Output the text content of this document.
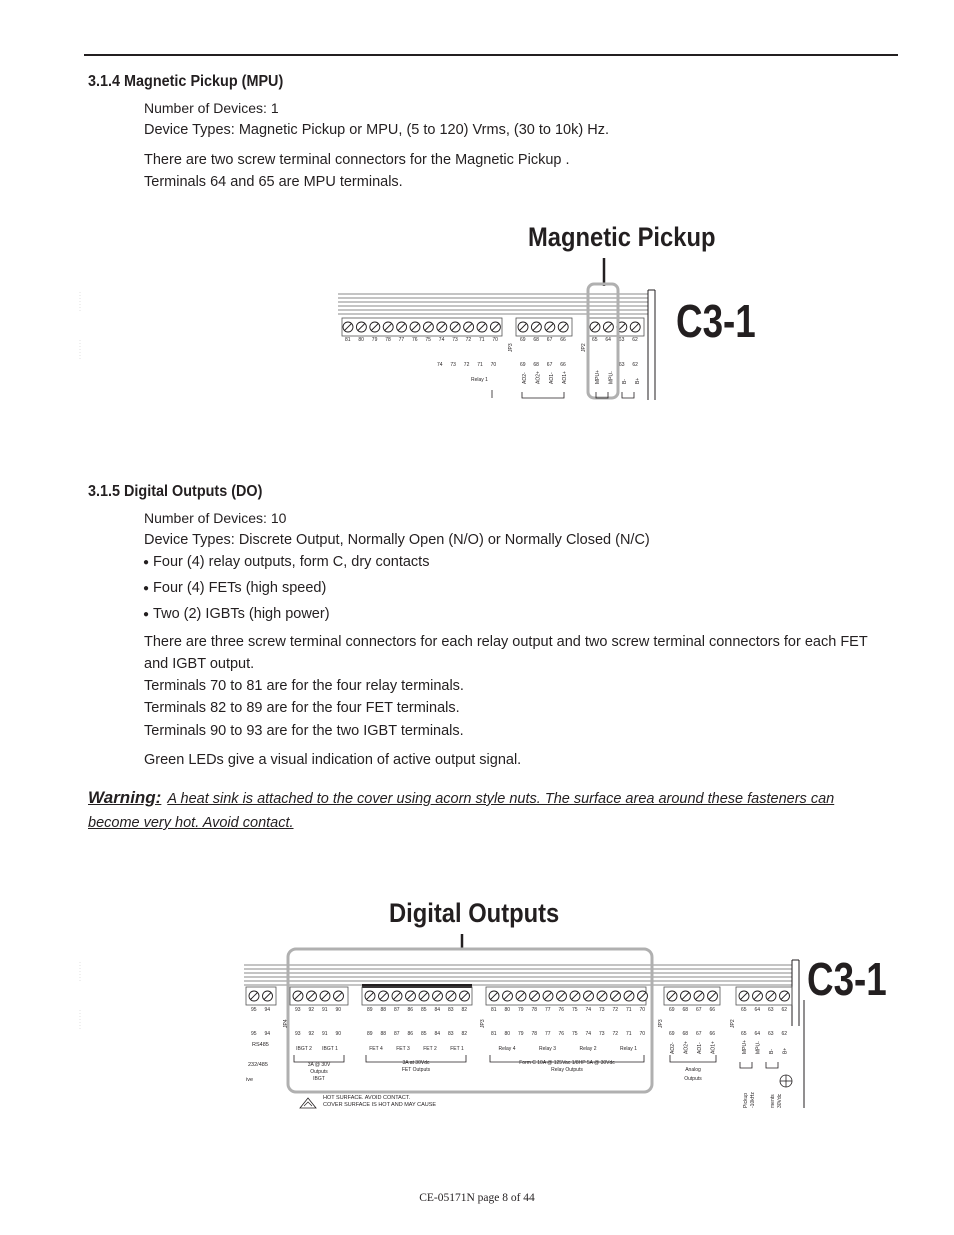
3.1.4 Magnetic Pickup (MPU)
Number of Devices: 1
Device Types: Magnetic Pickup or MPU, (5 to 120) Vrms, (30 to 10k) Hz.
There are two screw terminal connectors for the Magnetic Pickup .
Terminals 64 and 65 are MPU terminals.
Magnetic Pickup
C3-1
81 80 79 78 77 76 75 74 73 72 71 70	69 68 67 66	65 64 63 62
74 73 72 71 70	69 68 67 66	63 62
AO2- AO2+ AO1- AO1+	MPU+ MPU- B- B+
Relay 1
JP3	JP2
3.1.5 Digital Outputs (DO)
Number of Devices: 10
Device Types: Discrete Output, Normally Open (N/O) or Normally Closed (N/C)
● Four (4) relay outputs, form C, dry contacts
● Four (4) FETs (high speed)
● Two (2) IGBTs (high power)
There are three screw terminal connectors for each relay output and two screw terminal connectors for each FET and IGBT output.
Terminals 70 to 81 are for the four relay terminals.
Terminals 82 to 89 are for the four FET terminals.
Terminals 90 to 93 are for the two IGBT terminals.
Green LEDs give a visual indication of active output signal.
Warning: A heat sink is attached to the cover using acorn style nuts. The surface area around these fasteners can become very hot. Avoid contact.
Digital Outputs
C3-1
95 94	93 92 91 90	89 88 87 86 85 84 83 82	81 80 79 78 77 76 75 74 73 72 71 70	69 68 67 66	65 64 63 62
95 94	93 92 91 90	89 88 87 86 85 84 83 82	81 80 79 78 77 76 75 74 73 72 71 70	69 68 67 66	65 64 63 62
IBGT 2 IBGT 1	FET 4	FET 3	FET 2	FET 1	Relay 4	Relay 3	Relay 2	Relay 1	AO2- AO2+ AO1- AO1+	MPU+ MPU- B- B+
RS485
232/485
ive
3A @ 30V
Outputs
IBGT
3A at 30Vdc
FET Outputs
Form C 10A @ 125Vac 1/8HP 5A @ 30Vdc
Relay Outputs	Analog
Outputs
HOT SURFACE. AVOID CONTACT.
COVER SURFACE IS HOT AND MAY CAUSE	Pickup -10kHz	ments 30Vdc
JP4	JP3	JP3	JP2
CE-05171N page 8 of 44
